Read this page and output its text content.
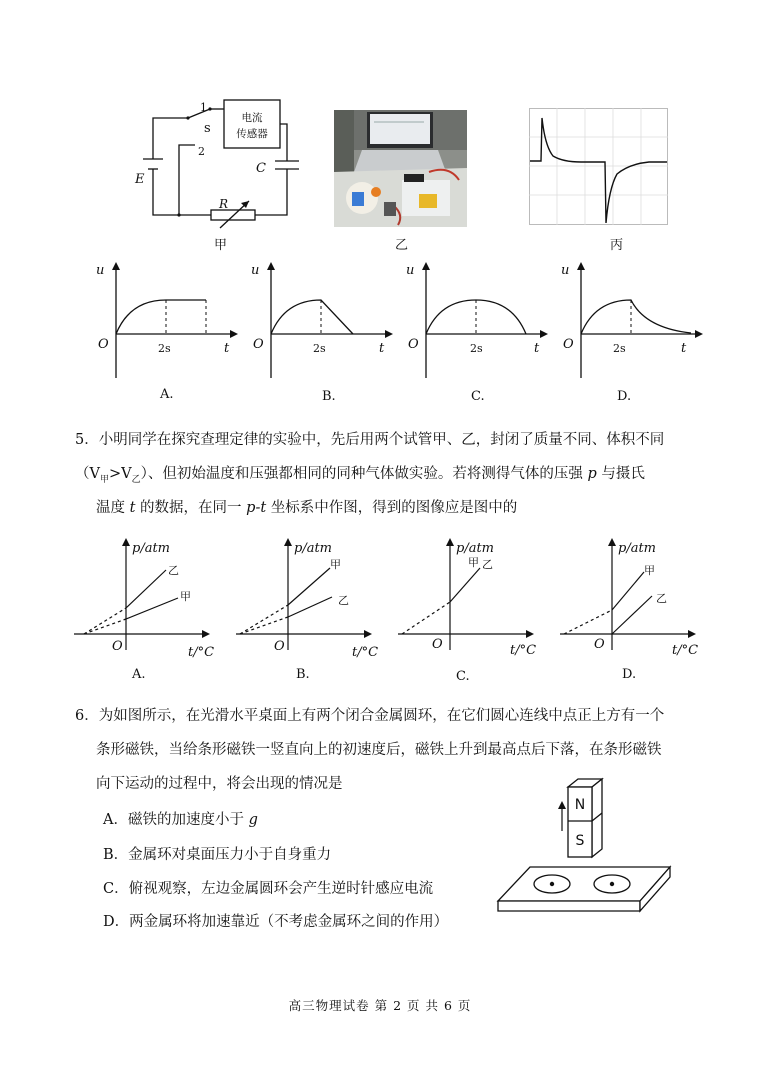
1
s
2
E
C
R
电流
传感器
甲	乙	丙
u
O	2s	t
A.
u
O	2s	t
B.
u
O	2s	t
C.
u
O	2s	t
D.
5．小明同学在探究查理定律的实验中，先后用两个试管甲、乙，封闭了质量不同、体积不同
$(V_甲>V_乙)$、但初始温度和压强都相同的同种气体做实验。若将测得气体的压强 p 与摄氏
温度 t 的数据，在同一 p-t 坐标系中作图，得到的图像应是图中的
p/atm
乙
甲
O	t/°C
A.
p/atm
甲
乙
O	t/°C
B.
p/atm
甲 乙
O	t/°C
C.
p/atm
甲
乙
O	t/°C
D.
6．为如图所示，在光滑水平桌面上有两个闭合金属圆环，在它们圆心连线中点正上方有一个
条形磁铁，当给条形磁铁一竖直向上的初速度后，磁铁上升到最高点后下落，在条形磁铁
向下运动的过程中，将会出现的情况是
A．磁铁的加速度小于 g
B．金属环对桌面压力小于自身重力
C．俯视观察，左边金属圆环会产生逆时针感应电流
D．两金属环将加速靠近（不考虑金属环之间的作用）
N
S
高三物理试卷 第 2 页 共 6 页
